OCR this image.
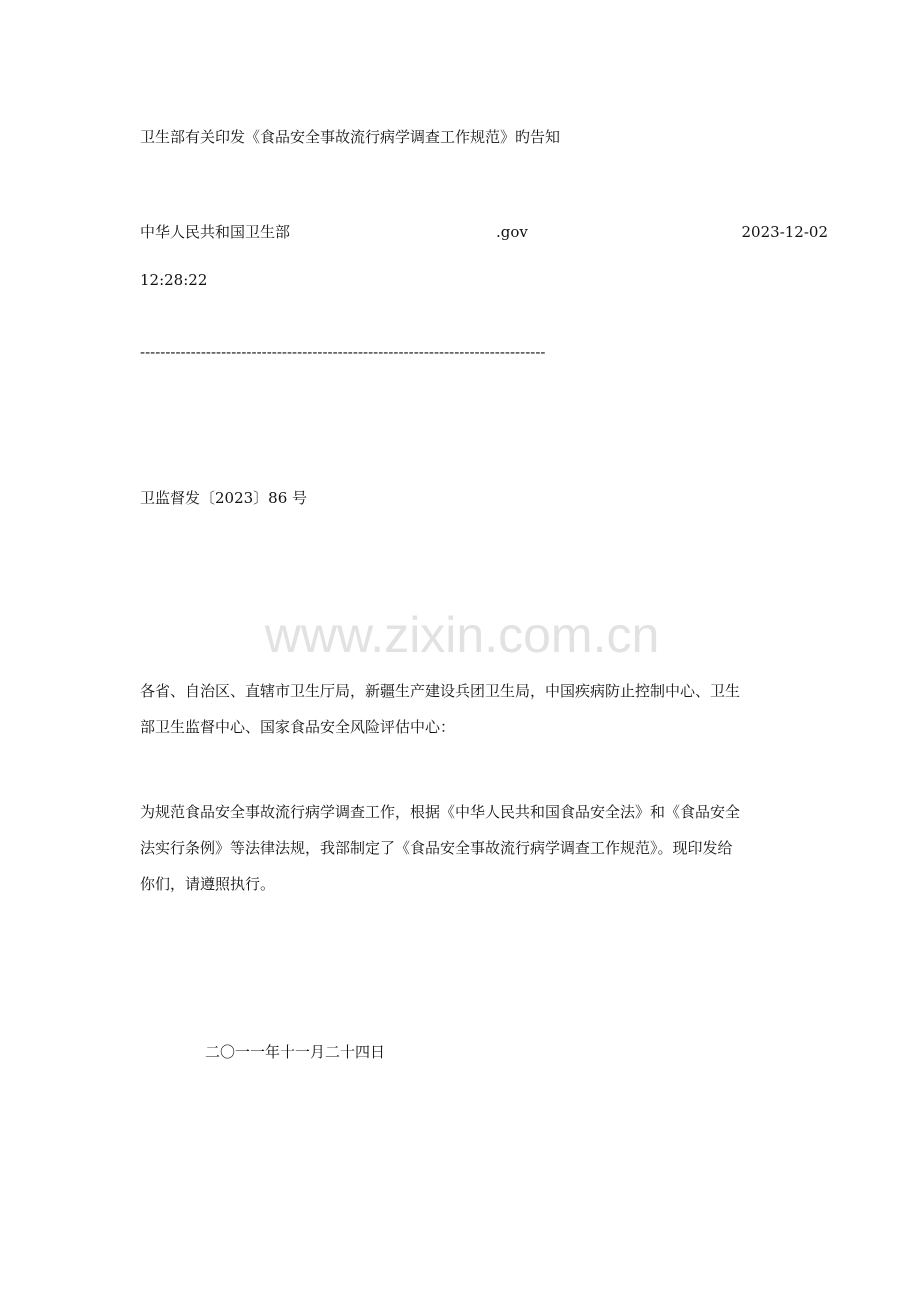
卫生部有关印发《食品安全事故流行病学调查工作规范》旳告知
中华人民共和国卫生部	.gov	2023-12-02
12:28:22
--------------------------------------------------------------------------------
卫监督发〔2023〕86 号
www.zixin.com.cn
各省、自治区、直辖市卫生厅局，新疆生产建设兵团卫生局，中国疾病防止控制中心、卫生
部卫生监督中心、国家食品安全风险评估中心：
为规范食品安全事故流行病学调查工作，根据《中华人民共和国食品安全法》和《食品安全
法实行条例》等法律法规，我部制定了《食品安全事故流行病学调查工作规范》。现印发给
你们，请遵照执行。
二〇一一年十一月二十四日
